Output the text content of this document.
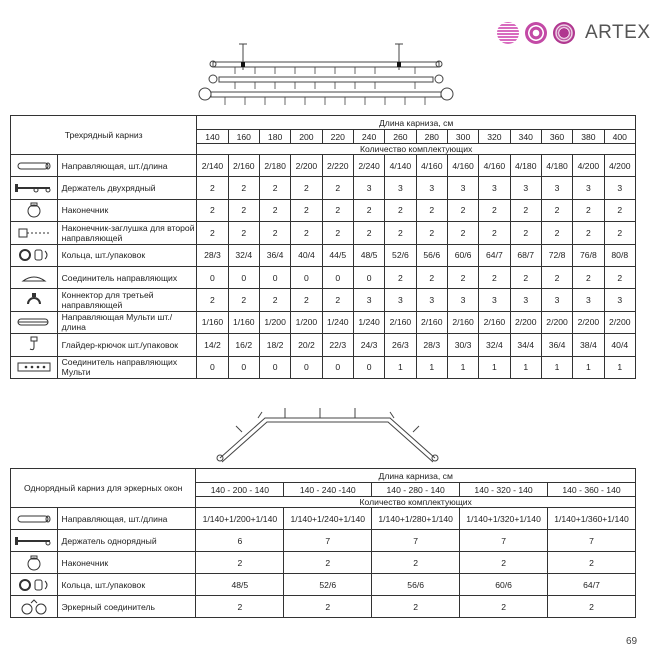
ARTEX
Трехрядный карниз		Длина карниза, см													
		140	160	180	200	220	240	260	280	300	320	340	360	380	400
		Количество комплектующих													

	Направляющая, шт./длина	2/140	2/160	2/180	2/200	2/220	2/240	4/140	4/160	4/160	4/160	4/180	4/180	4/200	4/200

	Держатель двухрядный	2	2	2	2	2	3	3	3	3	3	3	3	3	3

	Наконечник	2	2	2	2	2	2	2	2	2	2	2	2	2	2

	Наконечник-заглушка для второй направляющей	2	2	2	2	2	2	2	2	2	2	2	2	2	2

	Кольца, шт./упаковок	28/3	32/4	36/4	40/4	44/5	48/5	52/6	56/6	60/6	64/7	68/7	72/8	76/8	80/8

	Соединитель направляющих	0	0	0	0	0	0	2	2	2	2	2	2	2	2

	Коннектор для третьей направляющей	2	2	2	2	2	3	3	3	3	3	3	3	3	3

	Направляющая Мульти шт./длина	1/160	1/160	1/200	1/200	1/240	1/240	2/160	2/160	2/160	2/160	2/200	2/200	2/200	2/200

	Глайдер-крючок шт./упаковок	14/2	16/2	18/2	20/2	22/3	24/3	26/3	28/3	30/3	32/4	34/4	36/4	38/4	40/4

	Соединитель направляющих Мульти	0	0	0	0	0	0	1	1	1	1	1	1	1	1
Однорядный карниз для эркерных окон		Длина карниза, см				
		140 - 200 - 140	140 - 240 -140	140 - 280 - 140	140 - 320 - 140	140 - 360 - 140
		Количество комплектующих				

	Направляющая, шт./длина	1/140+1/200+1/140	1/140+1/240+1/140	1/140+1/280+1/140	1/140+1/320+1/140	1/140+1/360+1/140

	Держатель однорядный	6	7	7	7	7

	Наконечник	2	2	2	2	2

	Кольца, шт./упаковок	48/5	52/6	56/6	60/6	64/7

	Эркерный соединитель	2	2	2	2	2
69
